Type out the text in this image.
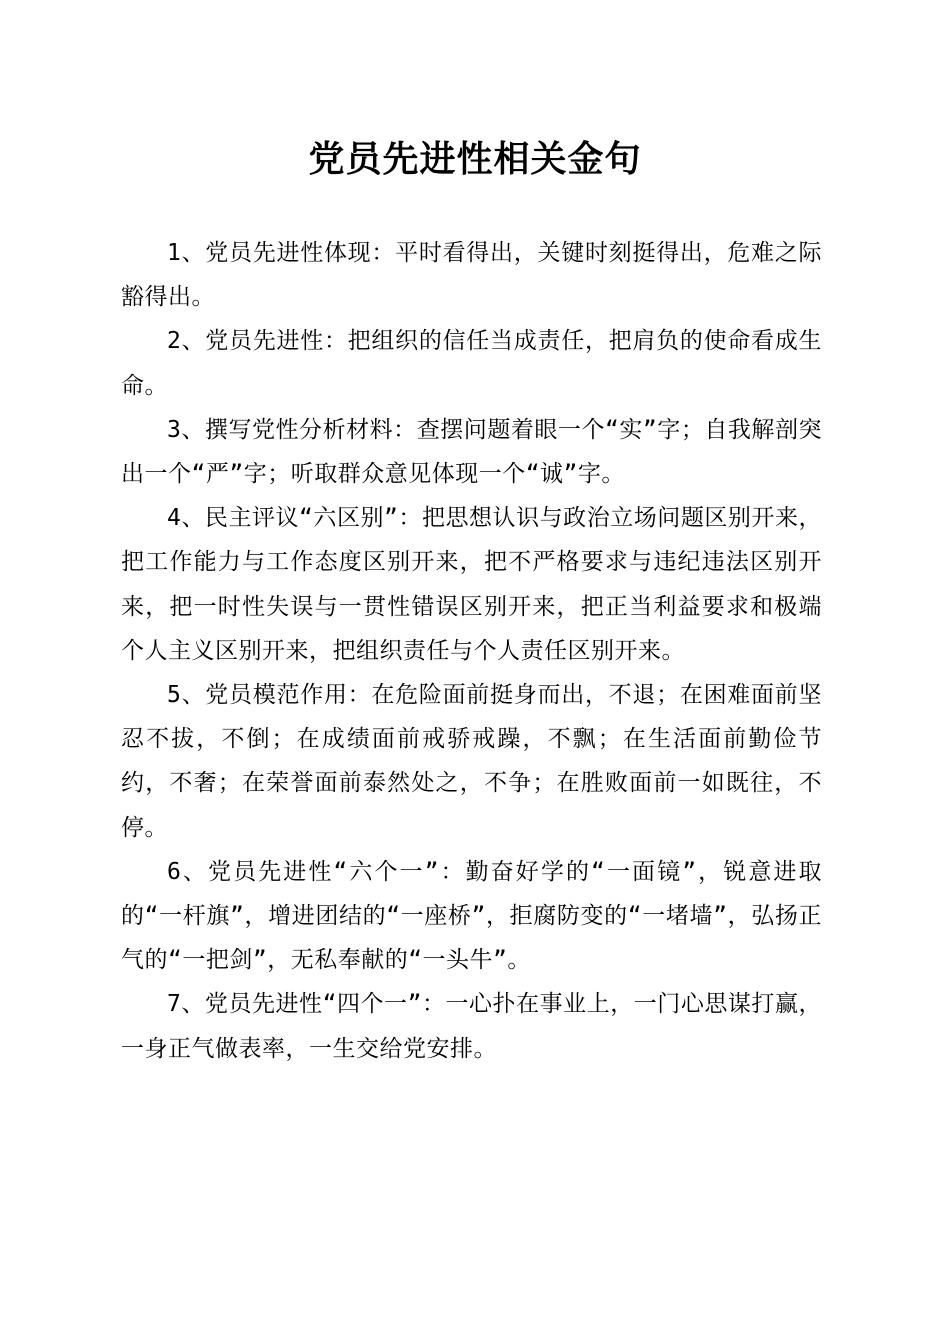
党员先进性相关金句

1、党员先进性体现：平时看得出，关键时刻挺得出，危难之际豁得出。

2、党员先进性：把组织的信任当成责任，把肩负的使命看成生命。

3、撰写党性分析材料：查摆问题着眼一个“实”字；自我解剖突出一个“严”字；听取群众意见体现一个“诚”字。

4、民主评议“六区别”：把思想认识与政治立场问题区别开来，把工作能力与工作态度区别开来，把不严格要求与违纪违法区别开来，把一时性失误与一贯性错误区别开来，把正当利益要求和极端个人主义区别开来，把组织责任与个人责任区别开来。

5、党员模范作用：在危险面前挺身而出，不退；在困难面前坚忍不拔，不倒；在成绩面前戒骄戒躁，不飘；在生活面前勤俭节约，不奢；在荣誉面前泰然处之，不争；在胜败面前一如既往，不停。

6、党员先进性“六个一”：勤奋好学的“一面镜”，锐意进取的“一杆旗”，增进团结的“一座桥”，拒腐防变的“一堵墙”，弘扬正气的“一把剑”，无私奉献的“一头牛”。

7、党员先进性“四个一”：一心扑在事业上，一门心思谋打赢，一身正气做表率，一生交给党安排。
